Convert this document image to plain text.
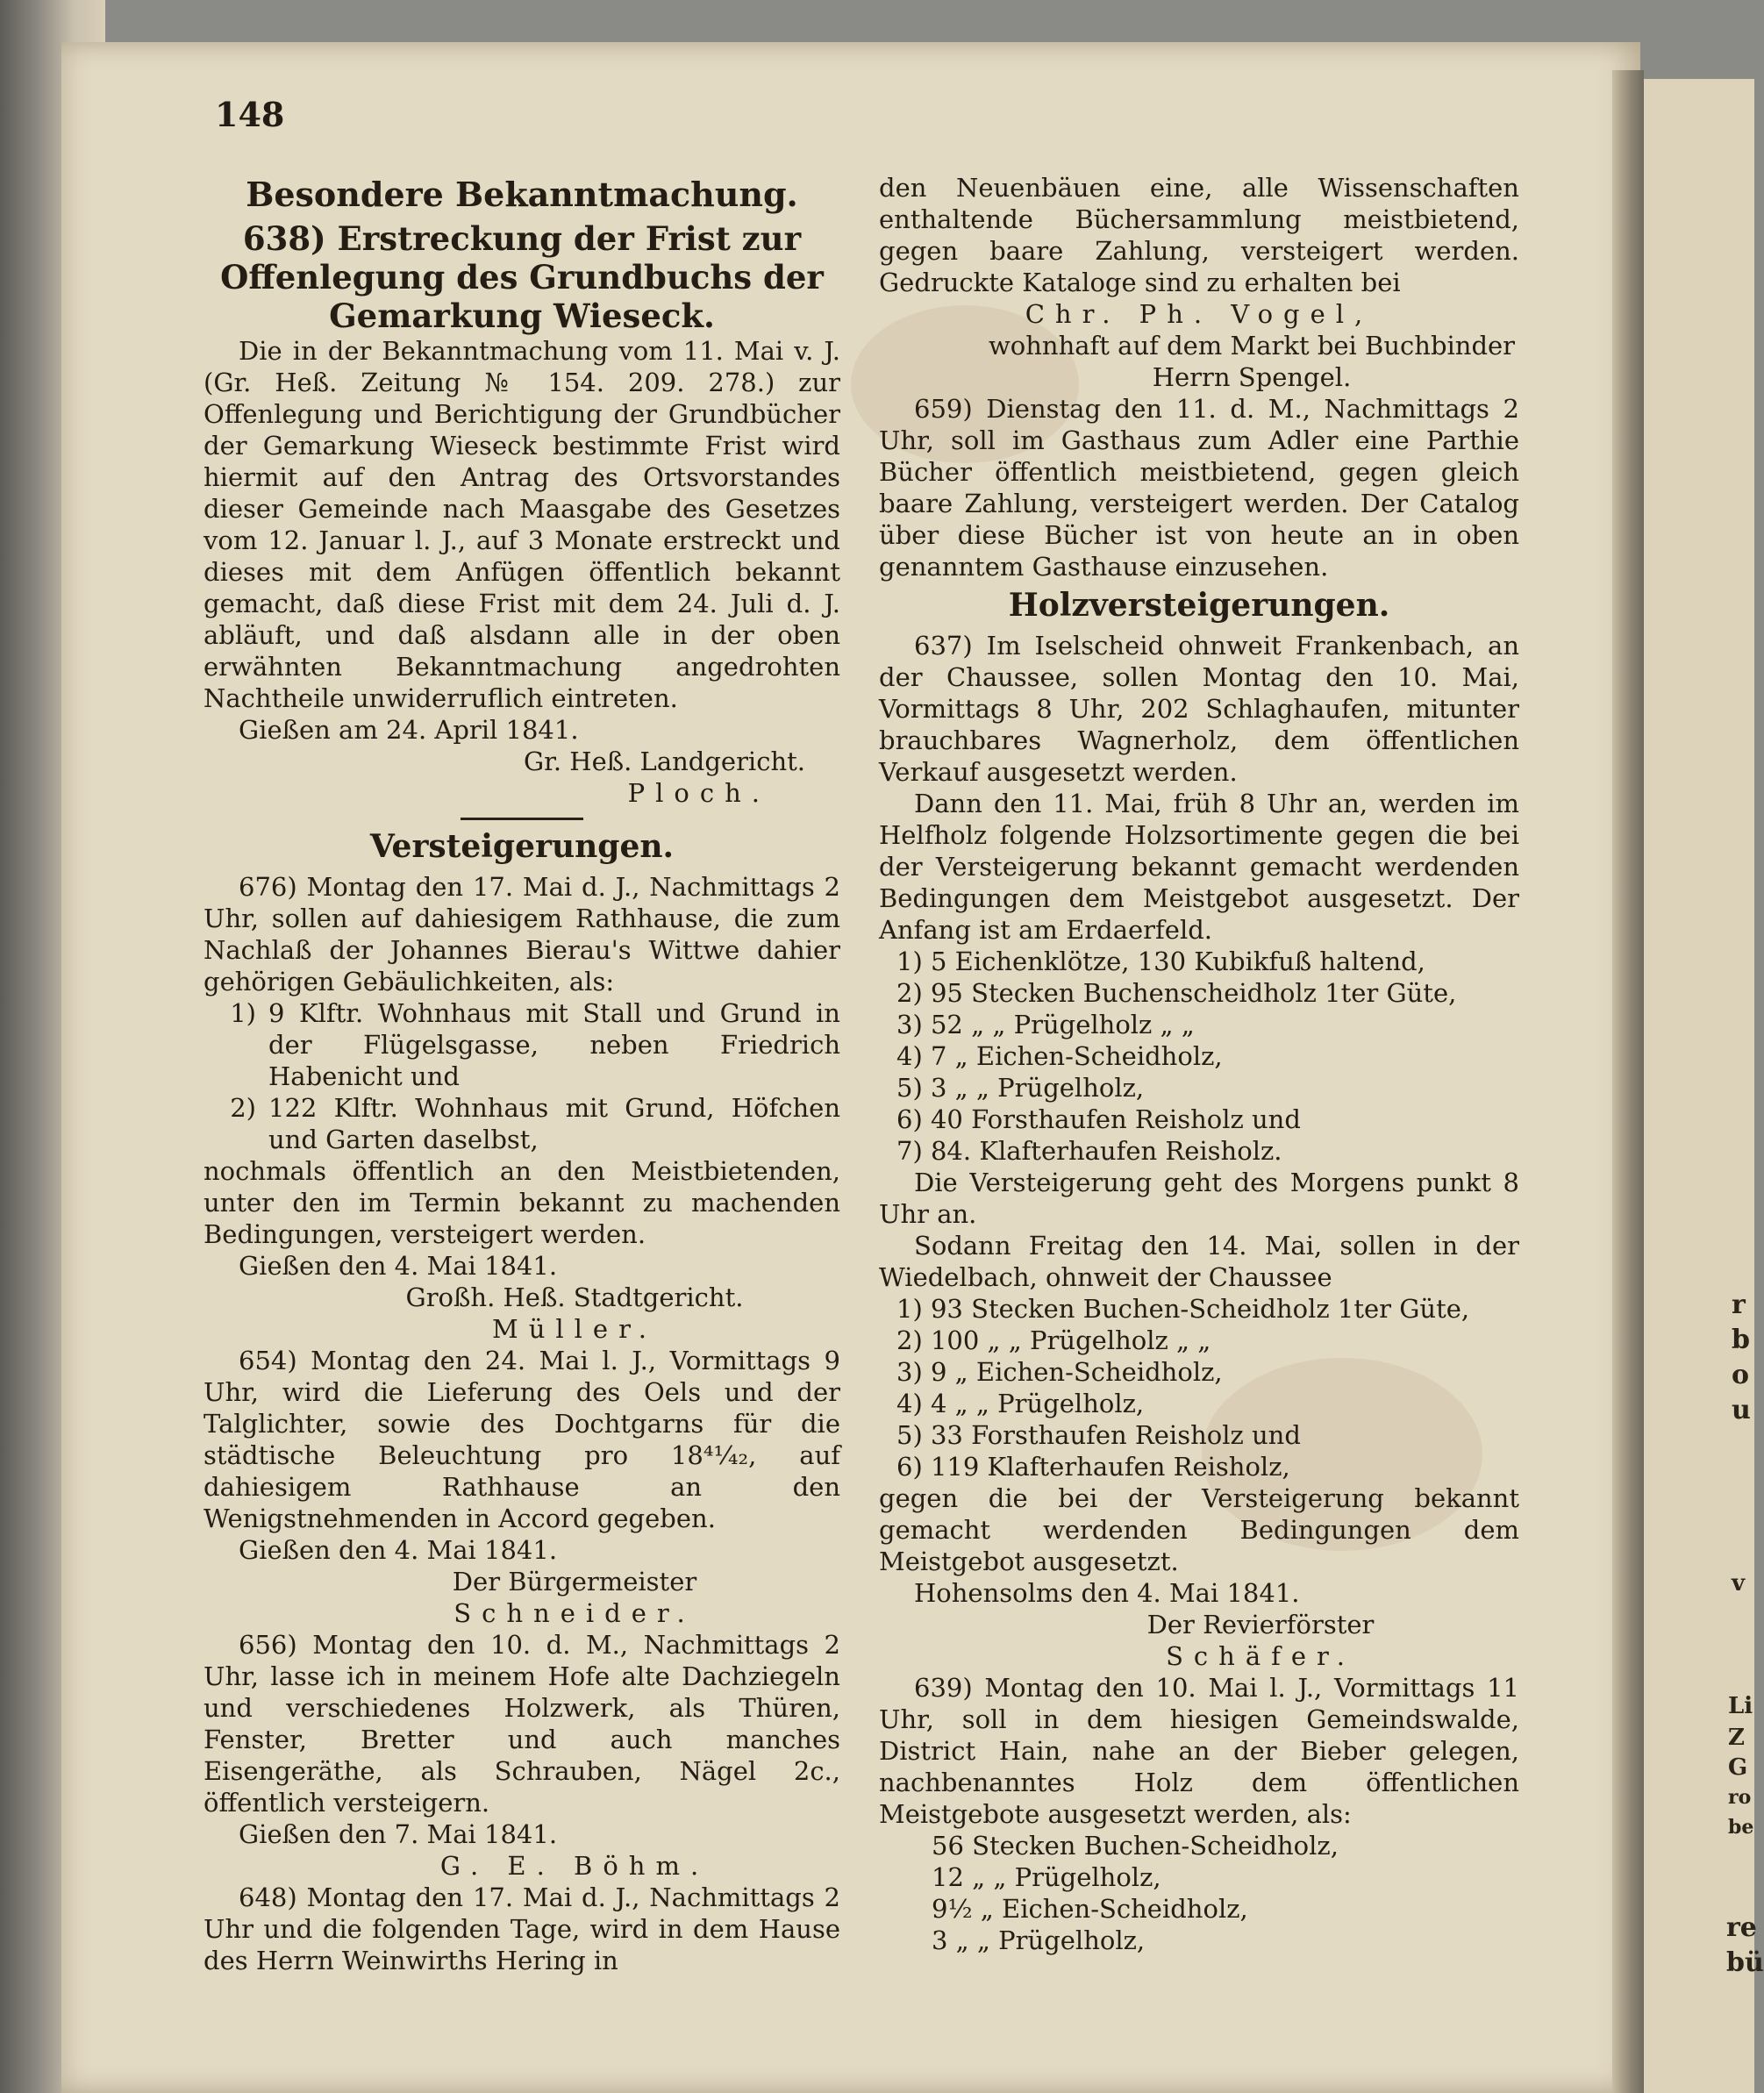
r
b
o
u
v
Li
Z
G
ro
be
re
bü
148
Besondere Bekanntmachung.
638) Erstreckung der Frist zur Offenlegung des Grundbuchs der Gemarkung Wieseck.

Die in der Bekanntmachung vom 11. Mai v. J. (Gr. Heß. Zeitung № 154. 209. 278.) zur Offenlegung und Berichtigung der Grundbücher der Gemarkung Wieseck bestimmte Frist wird hiermit auf den Antrag des Ortsvorstandes dieser Gemeinde nach Maasgabe des Gesetzes vom 12. Januar l. J., auf 3 Monate erstreckt und dieses mit dem Anfügen öffentlich bekannt gemacht, daß diese Frist mit dem 24. Juli d. J. abläuft, und daß alsdann alle in der oben erwähnten Bekanntmachung angedrohten Nachtheile unwiderruflich eintreten.

Gießen am 24. April 1841.

Gr. Heß. Landgericht.

Ploch.

Versteigerungen.

676) Montag den 17. Mai d. J., Nachmittags 2 Uhr, sollen auf dahiesigem Rathhause, die zum Nachlaß der Johannes Bierau's Wittwe dahier gehörigen Gebäulichkeiten, als:

1) 9 Klftr. Wohnhaus mit Stall und Grund in der Flügelsgasse, neben Friedrich Habenicht und
2) 122 Klftr. Wohnhaus mit Grund, Höfchen und Garten daselbst,

nochmals öffentlich an den Meistbietenden, unter den im Termin bekannt zu machenden Bedingungen, versteigert werden.

Gießen den 4. Mai 1841.

Großh. Heß. Stadtgericht.

Müller.

654) Montag den 24. Mai l. J., Vormittags 9 Uhr, wird die Lieferung des Oels und der Talglichter, sowie des Dochtgarns für die städtische Beleuchtung pro 18⁴¹⁄₄₂, auf dahiesigem Rathhause an den Wenigstnehmenden in Accord gegeben.

Gießen den 4. Mai 1841.

Der Bürgermeister

Schneider.

656) Montag den 10. d. M., Nachmittags 2 Uhr, lasse ich in meinem Hofe alte Dachziegeln und verschiedenes Holzwerk, als Thüren, Fenster, Bretter und auch manches Eisengeräthe, als Schrauben, Nägel 2c., öffentlich versteigern.

Gießen den 7. Mai 1841.

G. E. Böhm.

648) Montag den 17. Mai d. J., Nachmittags 2 Uhr und die folgenden Tage, wird in dem Hause des Herrn Weinwirths Hering in

den Neuenbäuen eine, alle Wissenschaften enthaltende Büchersammlung meistbietend, gegen baare Zahlung, versteigert werden. Gedruckte Kataloge sind zu erhalten bei

Chr. Ph. Vogel,

wohnhaft auf dem Markt bei Buchbinder Herrn Spengel.

659) Dienstag den 11. d. M., Nachmittags 2 Uhr, soll im Gasthaus zum Adler eine Parthie Bücher öffentlich meistbietend, gegen gleich baare Zahlung, versteigert werden. Der Catalog über diese Bücher ist von heute an in oben genanntem Gasthause einzusehen.

Holzversteigerungen.

637) Im Iselscheid ohnweit Frankenbach, an der Chaussee, sollen Montag den 10. Mai, Vormittags 8 Uhr, 202 Schlaghaufen, mitunter brauchbares Wagnerholz, dem öffentlichen Verkauf ausgesetzt werden.

Dann den 11. Mai, früh 8 Uhr an, werden im Helfholz folgende Holzsortimente gegen die bei der Versteigerung bekannt gemacht werdenden Bedingungen dem Meistgebot ausgesetzt. Der Anfang ist am Erdaerfeld.

1) 5 Eichenklötze, 130 Kubikfuß haltend,
2) 95 Stecken Buchenscheidholz 1ter Güte,
3) 52 „ „ Prügelholz „ „
4) 7 „ Eichen-Scheidholz,
5) 3 „ „ Prügelholz,
6) 40 Forsthaufen Reisholz und
7) 84. Klafterhaufen Reisholz.

Die Versteigerung geht des Morgens punkt 8 Uhr an.

Sodann Freitag den 14. Mai, sollen in der Wiedelbach, ohnweit der Chaussee

1) 93 Stecken Buchen-Scheidholz 1ter Güte,
2) 100 „ „ Prügelholz „ „
3) 9 „ Eichen-Scheidholz,
4) 4 „ „ Prügelholz,
5) 33 Forsthaufen Reisholz und
6) 119 Klafterhaufen Reisholz,

gegen die bei der Versteigerung bekannt gemacht werdenden Bedingungen dem Meistgebot ausgesetzt.

Hohensolms den 4. Mai 1841.

Der Revierförster

Schäfer.

639) Montag den 10. Mai l. J., Vormittags 11 Uhr, soll in dem hiesigen Gemeindswalde, District Hain, nahe an der Bieber gelegen, nachbenanntes Holz dem öffentlichen Meistgebote ausgesetzt werden, als:

56 Stecken Buchen-Scheidholz,
12 „ „ Prügelholz,
9½ „ Eichen-Scheidholz,
3 „ „ Prügelholz,
